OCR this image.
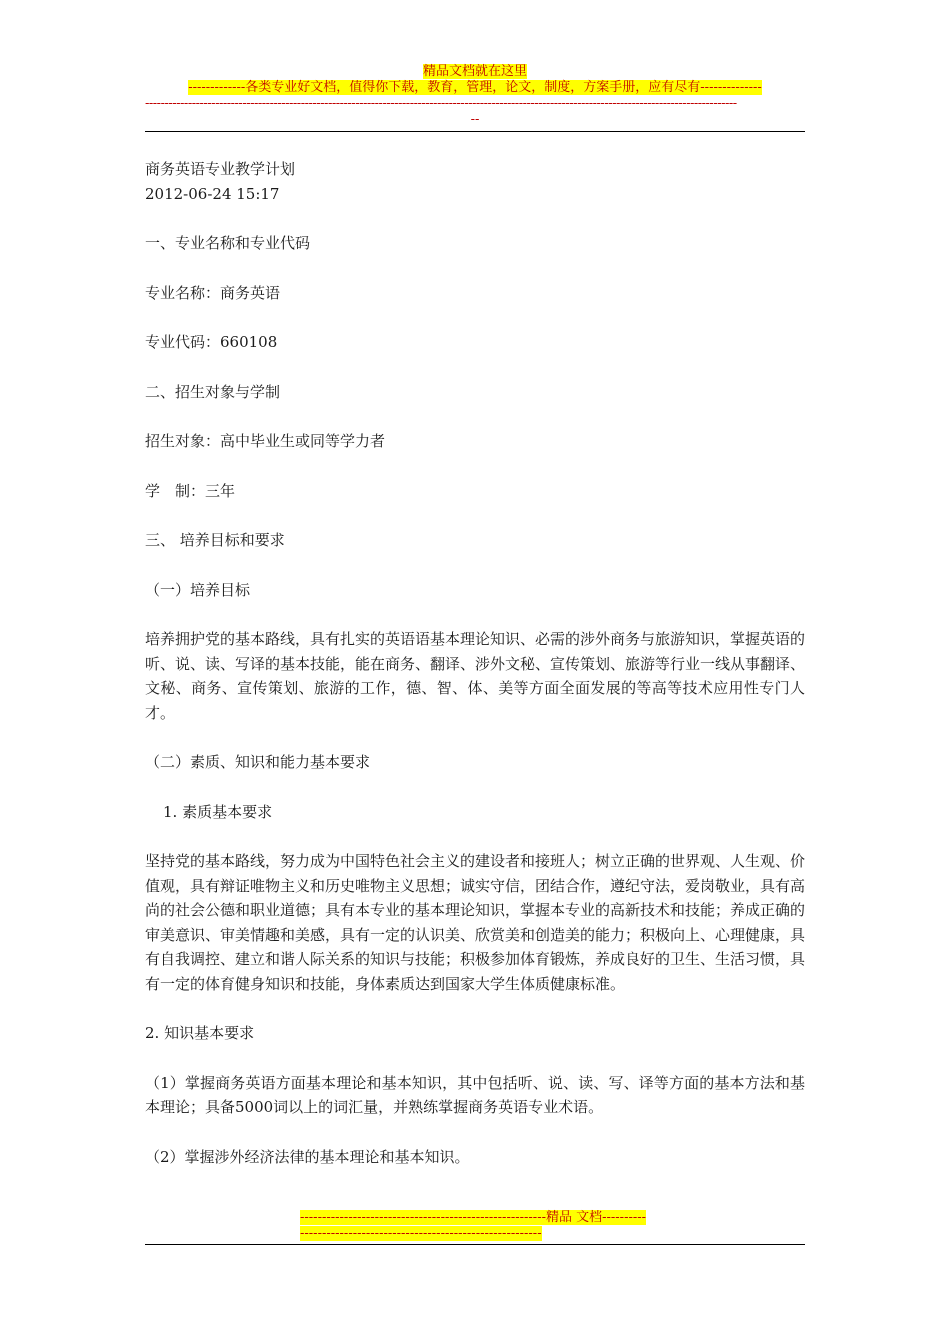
精品文档就在这里
-------------各类专业好文档，值得你下载，教育，管理，论文，制度，方案手册，应有尽有--------------
--------------------------------------------------------------------------------------------------------------------------------------------------------
--

商务英语专业教学计划

2012-06-24 15:17

一、专业名称和专业代码

专业名称：商务英语

专业代码：660108

二、招生对象与学制

招生对象：高中毕业生或同等学力者

学　制：三年

三、 培养目标和要求

（一）培养目标

培养拥护党的基本路线，具有扎实的英语语基本理论知识、必需的涉外商务与旅游知识，掌握英语的听、说、读、写译的基本技能，能在商务、翻译、涉外文秘、宣传策划、旅游等行业一线从事翻译、文秘、商务、宣传策划、旅游的工作，德、智、体、美等方面全面发展的等高等技术应用性专门人才。

（二）素质、知识和能力基本要求

1. 素质基本要求

坚持党的基本路线，努力成为中国特色社会主义的建设者和接班人；树立正确的世界观、人生观、价值观，具有辩证唯物主义和历史唯物主义思想；诚实守信，团结合作，遵纪守法，爱岗敬业，具有高尚的社会公德和职业道德；具有本专业的基本理论知识，掌握本专业的高新技术和技能；养成正确的审美意识、审美情趣和美感，具有一定的认识美、欣赏美和创造美的能力；积极向上、心理健康，具有自我调控、建立和谐人际关系的知识与技能；积极参加体育锻炼，养成良好的卫生、生活习惯，具有一定的体育健身知识和技能，身体素质达到国家大学生体质健康标准。

2. 知识基本要求

（1）掌握商务英语方面基本理论和基本知识，其中包括听、说、读、写、译等方面的基本方法和基本理论；具备5000词以上的词汇量，并熟练掌握商务英语专业术语。

（2）掌握涉外经济法律的基本理论和基本知识。

--------------------------------------------------------精品 文档-----------------------------------------------------------------
